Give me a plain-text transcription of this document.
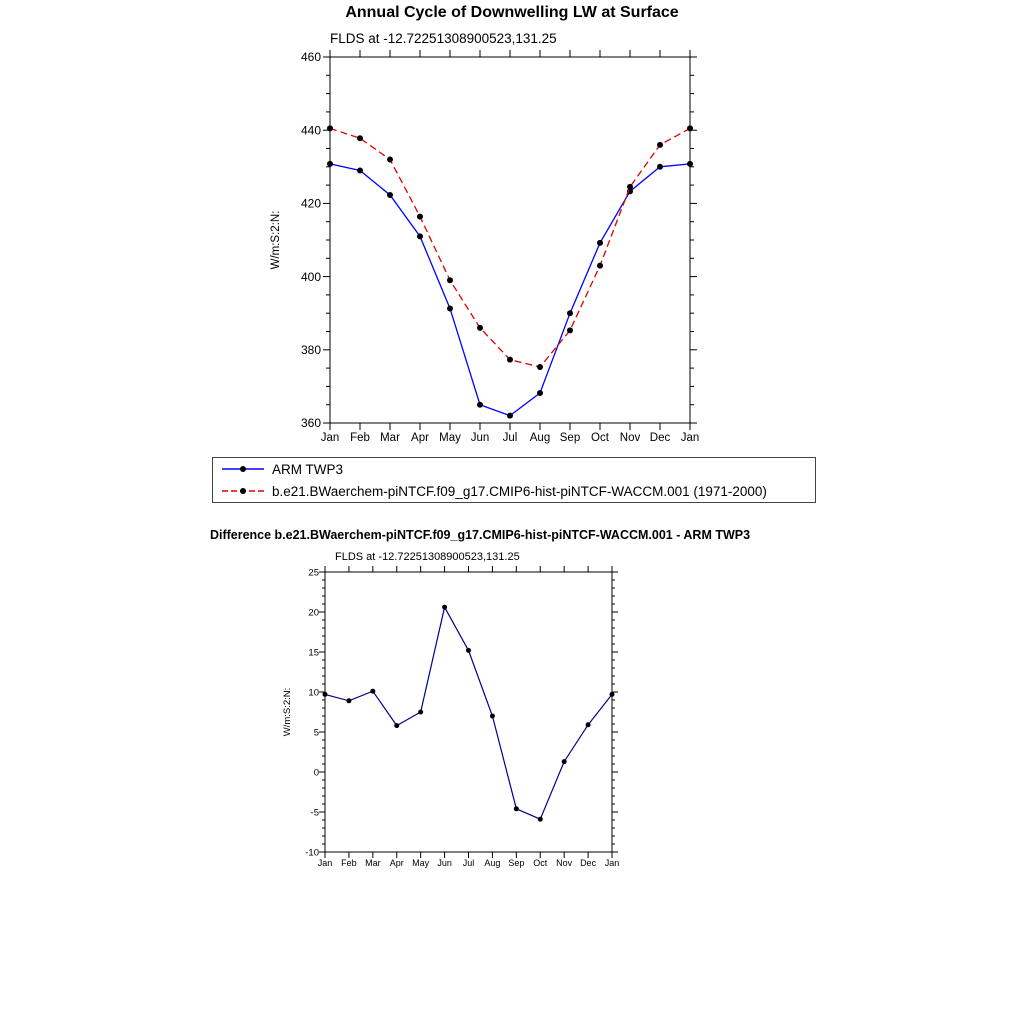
Annual Cycle of Downwelling LW at Surface
FLDS at -12.72251308900523,131.25
360
380
400
420
440
460
Jan Feb Mar Apr May Jun Jul Aug Sep Oct Nov Dec Jan
W/m:S:2:N:
ARM TWP3
b.e21.BWaerchem-piNTCF.f09_g17.CMIP6-hist-piNTCF-WACCM.001 (1971-2000)
Difference b.e21.BWaerchem-piNTCF.f09_g17.CMIP6-hist-piNTCF-WACCM.001 - ARM TWP3
FLDS at -12.72251308900523,131.25
-10
-5
0
5
10
15
20
25
Jan Feb Mar Apr May Jun Jul Aug Sep Oct Nov Dec Jan
W/m:S:2:N:
